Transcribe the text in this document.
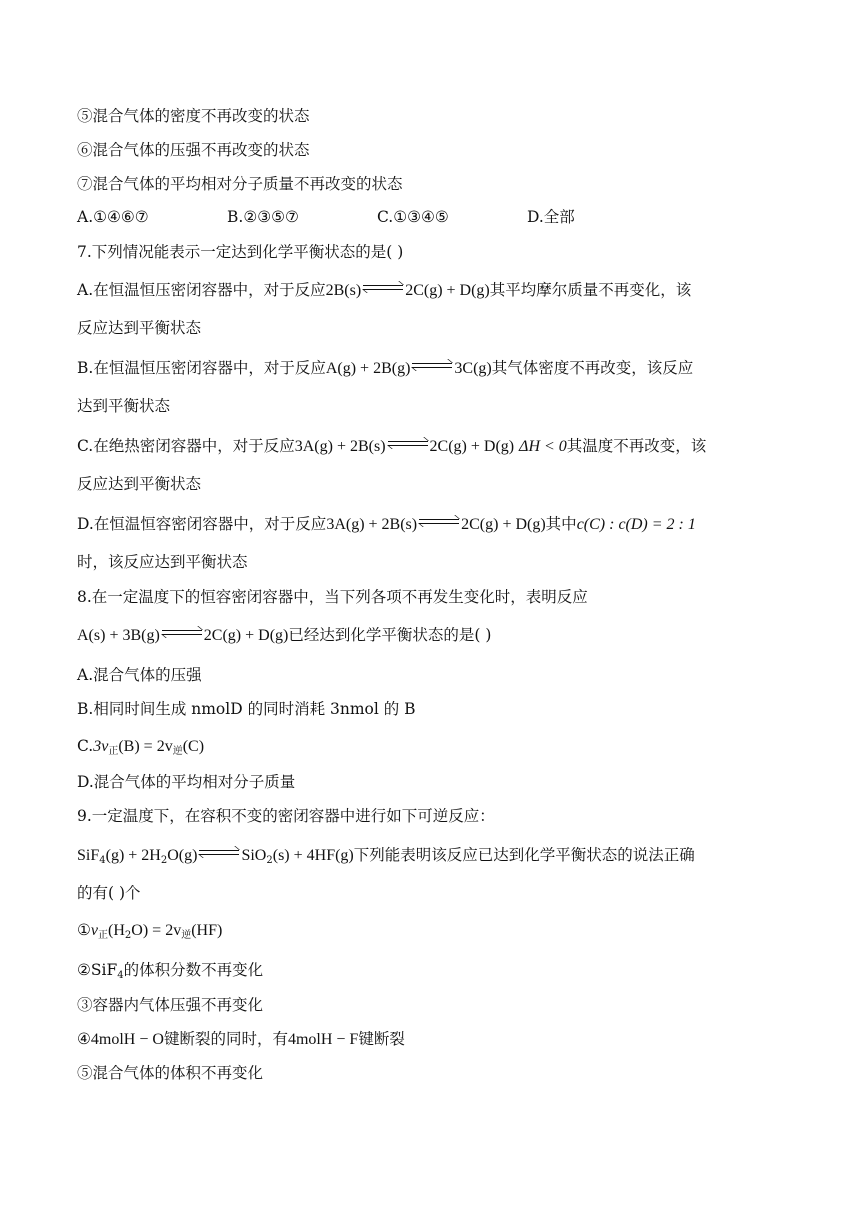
⑤混合气体的密度不再改变的状态
⑥混合气体的压强不再改变的状态
⑦混合气体的平均相对分子质量不再改变的状态
A.①④⑥⑦	B.②③⑤⑦	C.①③④⑤	D.全部
7.下列情况能表示一定达到化学平衡状态的是( )
A.在恒温恒压密闭容器中，对于反应2B(s)	2C(g) + D(g)其平均摩尔质量不再变化，该
反应达到平衡状态
B.在恒温恒压密闭容器中，对于反应A(g) + 2B(g)	3C(g)其气体密度不再改变，该反应
达到平衡状态
C.在绝热密闭容器中，对于反应3A(g) + 2B(s)	2C(g) + D(g) ΔH < 0其温度不再改变，该
反应达到平衡状态
D.在恒温恒容密闭容器中，对于反应3A(g) + 2B(s)	2C(g) + D(g)其中c(C) : c(D) = 2 : 1
时，该反应达到平衡状态
8.在一定温度下的恒容密闭容器中，当下列各项不再发生变化时，表明反应
A(s) + 3B(g)	2C(g) + D(g)已经达到化学平衡状态的是( )
A.混合气体的压强
B.相同时间生成 nmolD 的同时消耗 3nmol 的 B
$C.3v_正(B) = 2v_逆(C)$
D.混合气体的平均相对分子质量
9.一定温度下，在容积不变的密闭容器中进行如下可逆反应：
$SiF_4(g) + 2H_2O(g)$	SiO$_2$(s) + 4HF(g)下列能表明该反应已达到化学平衡状态的说法正确
的有( )个
$①v_正(H_2O) = 2v_逆(HF)$
②SiF$_4$的体积分数不再变化
③容器内气体压强不再变化
④4molH − O键断裂的同时，有4molH − F键断裂
⑤混合气体的体积不再变化
